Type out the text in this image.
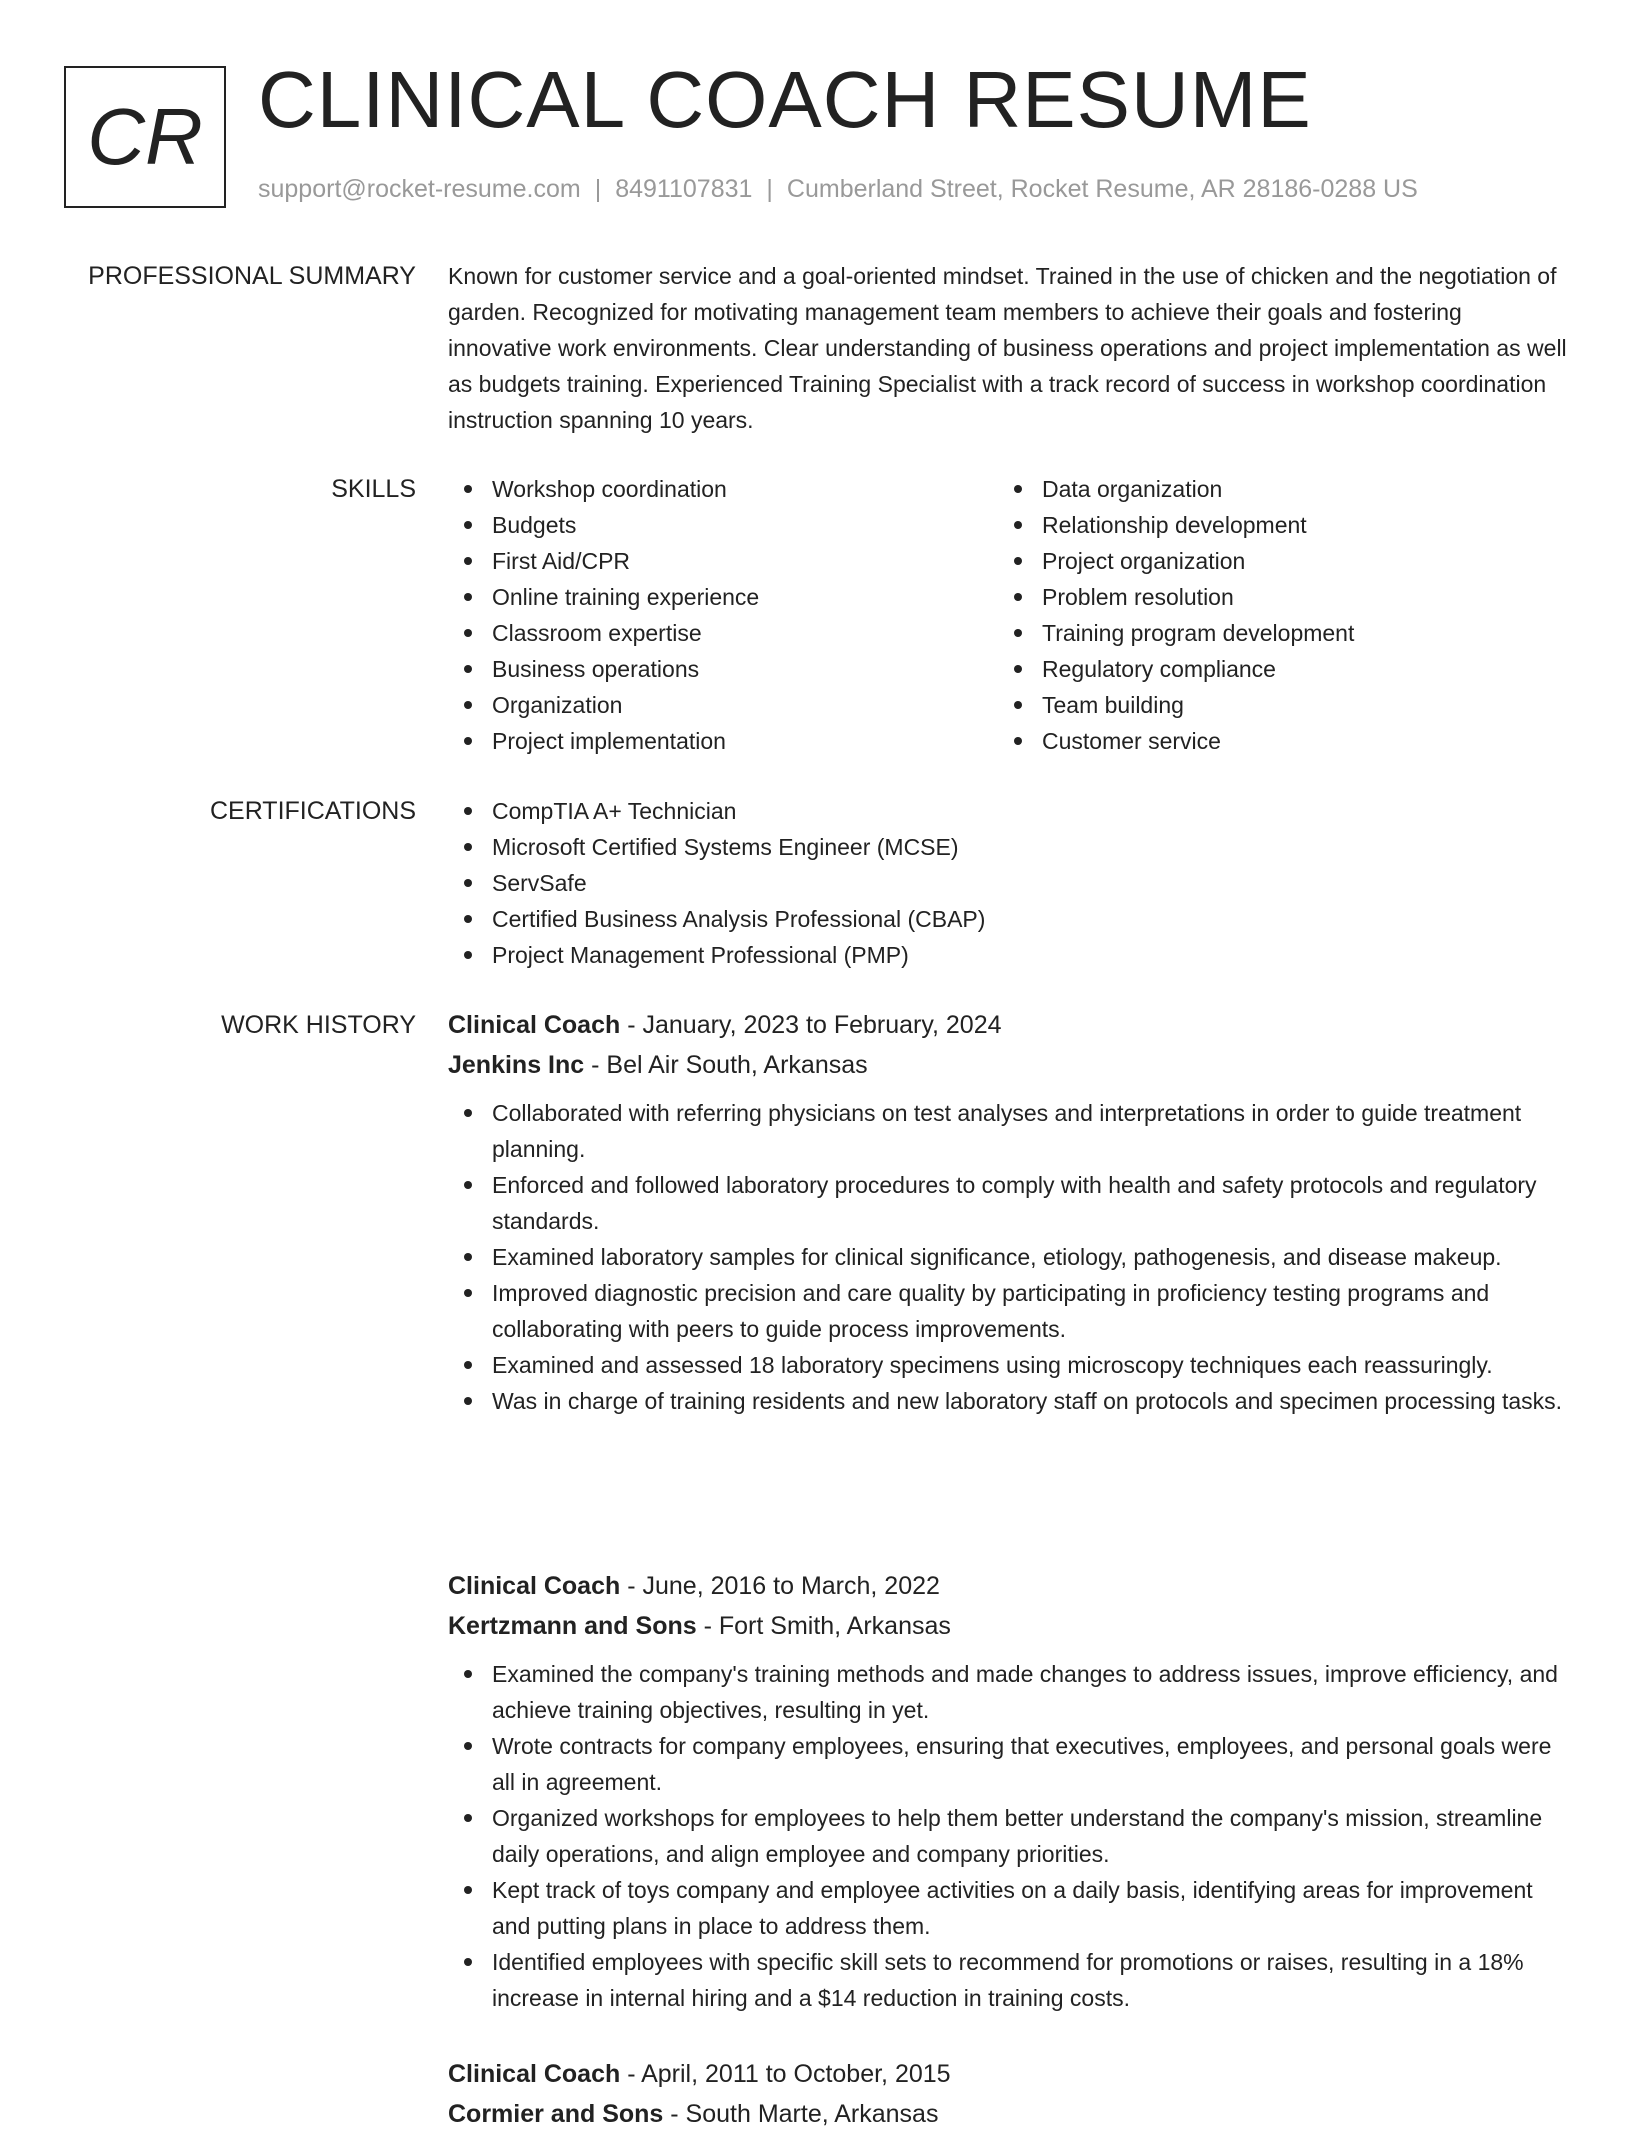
CR CLINICAL COACH RESUME
support@rocket-resume.com | 8491107831 | Cumberland Street, Rocket Resume, AR 28186-0288 US
PROFESSIONAL SUMMARY Known for customer service and a goal-oriented mindset. Trained in the use of chicken and the negotiation of garden. Recognized for motivating management team members to achieve their goals and fostering innovative work environments. Clear understanding of business operations and project implementation as well as budgets training. Experienced Training Specialist with a track record of success in workshop coordination instruction spanning 10 years.

SKILLS	Workshop coordination
Budgets
First Aid/CPR
Online training experience
Classroom expertise
Business operations
Organization
Project implementation
Data organization
Relationship development
Project organization
Problem resolution
Training program development
Regulatory compliance
Team building
Customer service
CERTIFICATIONS	CompTIA A+ Technician
Microsoft Certified Systems Engineer (MCSE)
ServSafe
Certified Business Analysis Professional (CBAP)
Project Management Professional (PMP)
WORK HISTORY Clinical Coach - January, 2023 to February, 2024
Jenkins Inc - Bel Air South, Arkansas
Collaborated with referring physicians on test analyses and interpretations in order to guide treatment planning.
Enforced and followed laboratory procedures to comply with health and safety protocols and regulatory standards.
Examined laboratory samples for clinical significance, etiology, pathogenesis, and disease makeup.
Improved diagnostic precision and care quality by participating in proficiency testing programs and collaborating with peers to guide process improvements.
Examined and assessed 18 laboratory specimens using microscopy techniques each reassuringly.
Was in charge of training residents and new laboratory staff on protocols and specimen processing tasks.
Clinical Coach - June, 2016 to March, 2022
Kertzmann and Sons - Fort Smith, Arkansas
Examined the company's training methods and made changes to address issues, improve efficiency, and achieve training objectives, resulting in yet.
Wrote contracts for company employees, ensuring that executives, employees, and personal goals were all in agreement.
Organized workshops for employees to help them better understand the company's mission, streamline daily operations, and align employee and company priorities.
Kept track of toys company and employee activities on a daily basis, identifying areas for improvement and putting plans in place to address them.
Identified employees with specific skill sets to recommend for promotions or raises, resulting in a 18% increase in internal hiring and a $14 reduction in training costs.
Clinical Coach - April, 2011 to October, 2015
Cormier and Sons - South Marte, Arkansas
